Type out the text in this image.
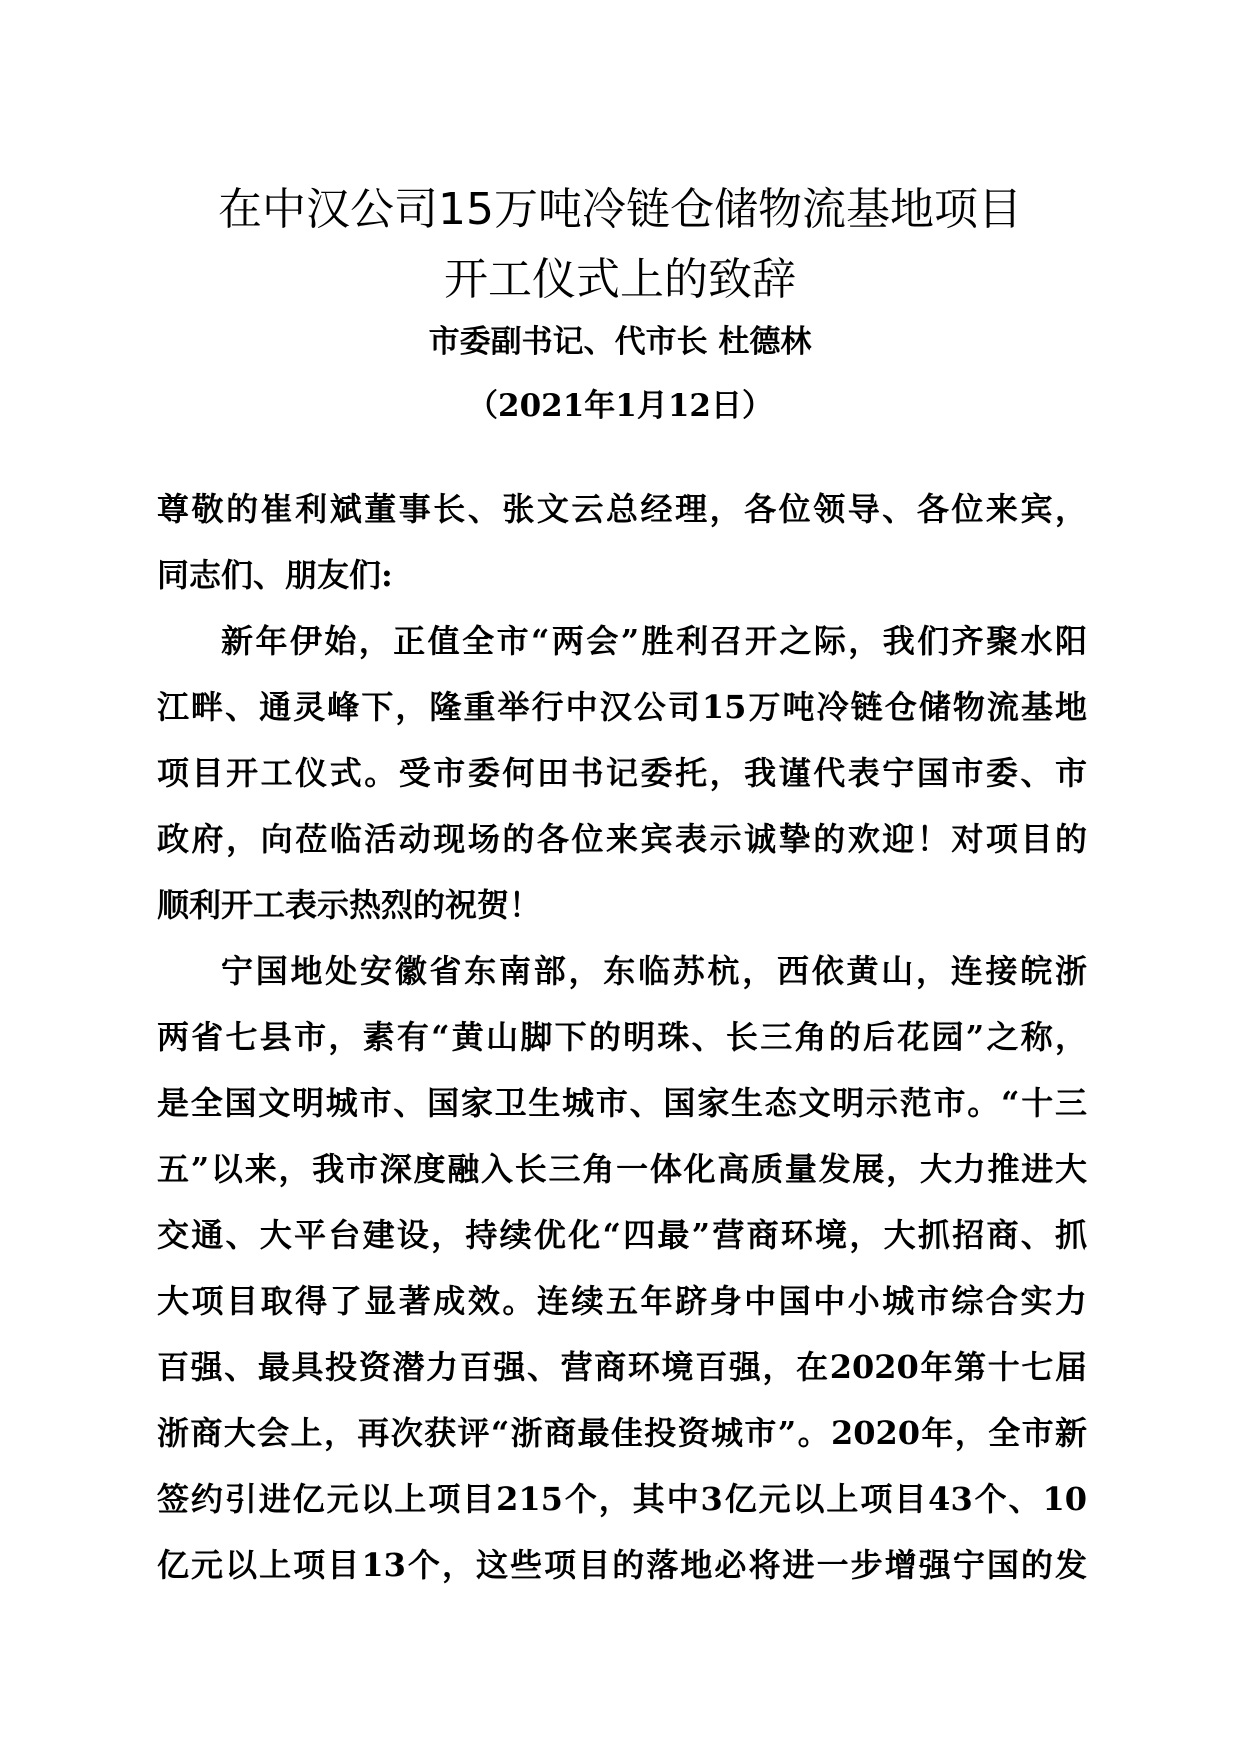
在中汉公司15万吨冷链仓储物流基地项目
开工仪式上的致辞
市委副书记、代市长 杜德林
（2021年1月12日）
尊敬的崔利斌董事长、张文云总经理，各位领导、各位来宾，
同志们、朋友们:
新年伊始，正值全市“两会”胜利召开之际，我们齐聚水阳
江畔、通灵峰下，隆重举行中汉公司15万吨冷链仓储物流基地
项目开工仪式。受市委何田书记委托，我谨代表宁国市委、市
政府，向莅临活动现场的各位来宾表示诚挚的欢迎！对项目的
顺利开工表示热烈的祝贺！
宁国地处安徽省东南部，东临苏杭，西依黄山，连接皖浙
两省七县市，素有“黄山脚下的明珠、长三角的后花园”之称，
是全国文明城市、国家卫生城市、国家生态文明示范市。“十三
五”以来，我市深度融入长三角一体化高质量发展，大力推进大
交通、大平台建设，持续优化“四最”营商环境，大抓招商、抓
大项目取得了显著成效。连续五年跻身中国中小城市综合实力
百强、最具投资潜力百强、营商环境百强，在2020年第十七届
浙商大会上，再次获评“浙商最佳投资城市”。2020年，全市新
签约引进亿元以上项目215个，其中3亿元以上项目43个、10
亿元以上项目13个，这些项目的落地必将进一步增强宁国的发
